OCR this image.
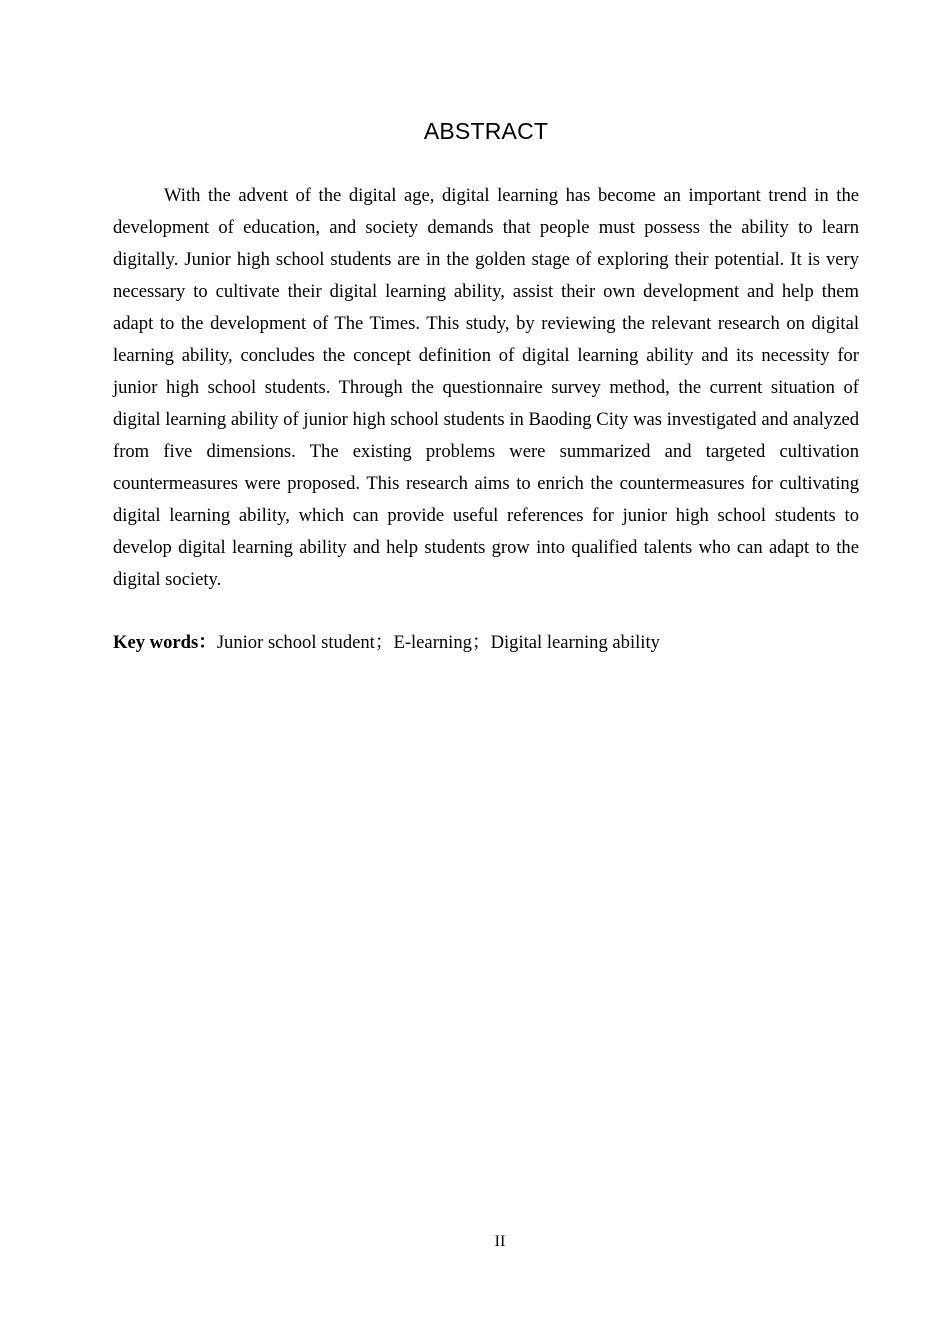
ABSTRACT

With the advent of the digital age, digital learning has become an important trend in the development of education, and society demands that people must possess the ability to learn digitally. Junior high school students are in the golden stage of exploring their potential. It is very necessary to cultivate their digital learning ability, assist their own development and help them adapt to the development of The Times. This study, by reviewing the relevant research on digital learning ability, concludes the concept definition of digital learning ability and its necessity for junior high school students. Through the questionnaire survey method, the current situation of digital learning ability of junior high school students in Baoding City was investigated and analyzed from five dimensions. The existing problems were summarized and targeted cultivation countermeasures were proposed. This research aims to enrich the countermeasures for cultivating digital learning ability, which can provide useful references for junior high school students to develop digital learning ability and help students grow into qualified talents who can adapt to the digital society.

Key words：Junior school student；E-learning；Digital learning ability

II
